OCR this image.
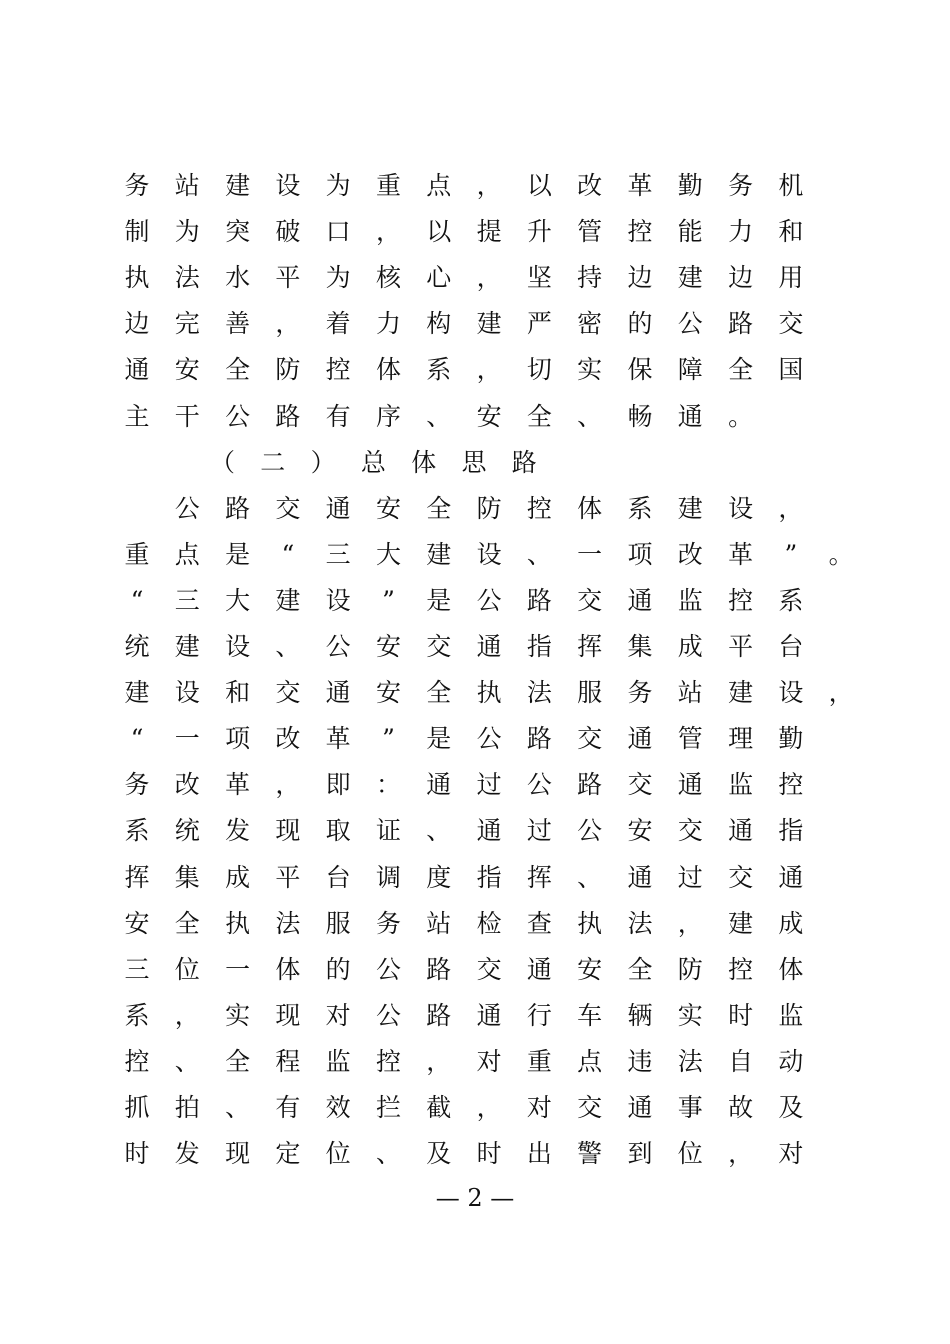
务	站	建	设	为	重	点	，	以	改	革	勤	务	机
制	为	突	破	口	，	以	提	升	管	控	能	力	和
执	法	水	平	为	核	心	，	坚	持	边	建	边	用
边	完	善	，	着	力	构	建	严	密	的	公	路	交
通	安	全	防	控	体	系	，	切	实	保	障	全	国
主	干	公	路	有	序	、	安	全	、	畅	通	。
（	二	）	总	体	思	路
公	路	交	通	安	全	防	控	体	系	建	设	，
重	点	是	“	三	大	建	设	、	一	项	改	革	”	。
“	三	大	建	设	”	是	公	路	交	通	监	控	系
统	建	设	、	公	安	交	通	指	挥	集	成	平	台
建	设	和	交	通	安	全	执	法	服	务	站	建	设	，
“	一	项	改	革	”	是	公	路	交	通	管	理	勤
务	改	革	，	即	：	通	过	公	路	交	通	监	控
系	统	发	现	取	证	、	通	过	公	安	交	通	指
挥	集	成	平	台	调	度	指	挥	、	通	过	交	通
安	全	执	法	服	务	站	检	查	执	法	，	建	成
三	位	一	体	的	公	路	交	通	安	全	防	控	体
系	，	实	现	对	公	路	通	行	车	辆	实	时	监
控	、	全	程	监	控	，	对	重	点	违	法	自	动
抓	拍	、	有	效	拦	截	，	对	交	通	事	故	及
时	发	现	定	位	、	及	时	出	警	到	位	，	对
— 2 —
